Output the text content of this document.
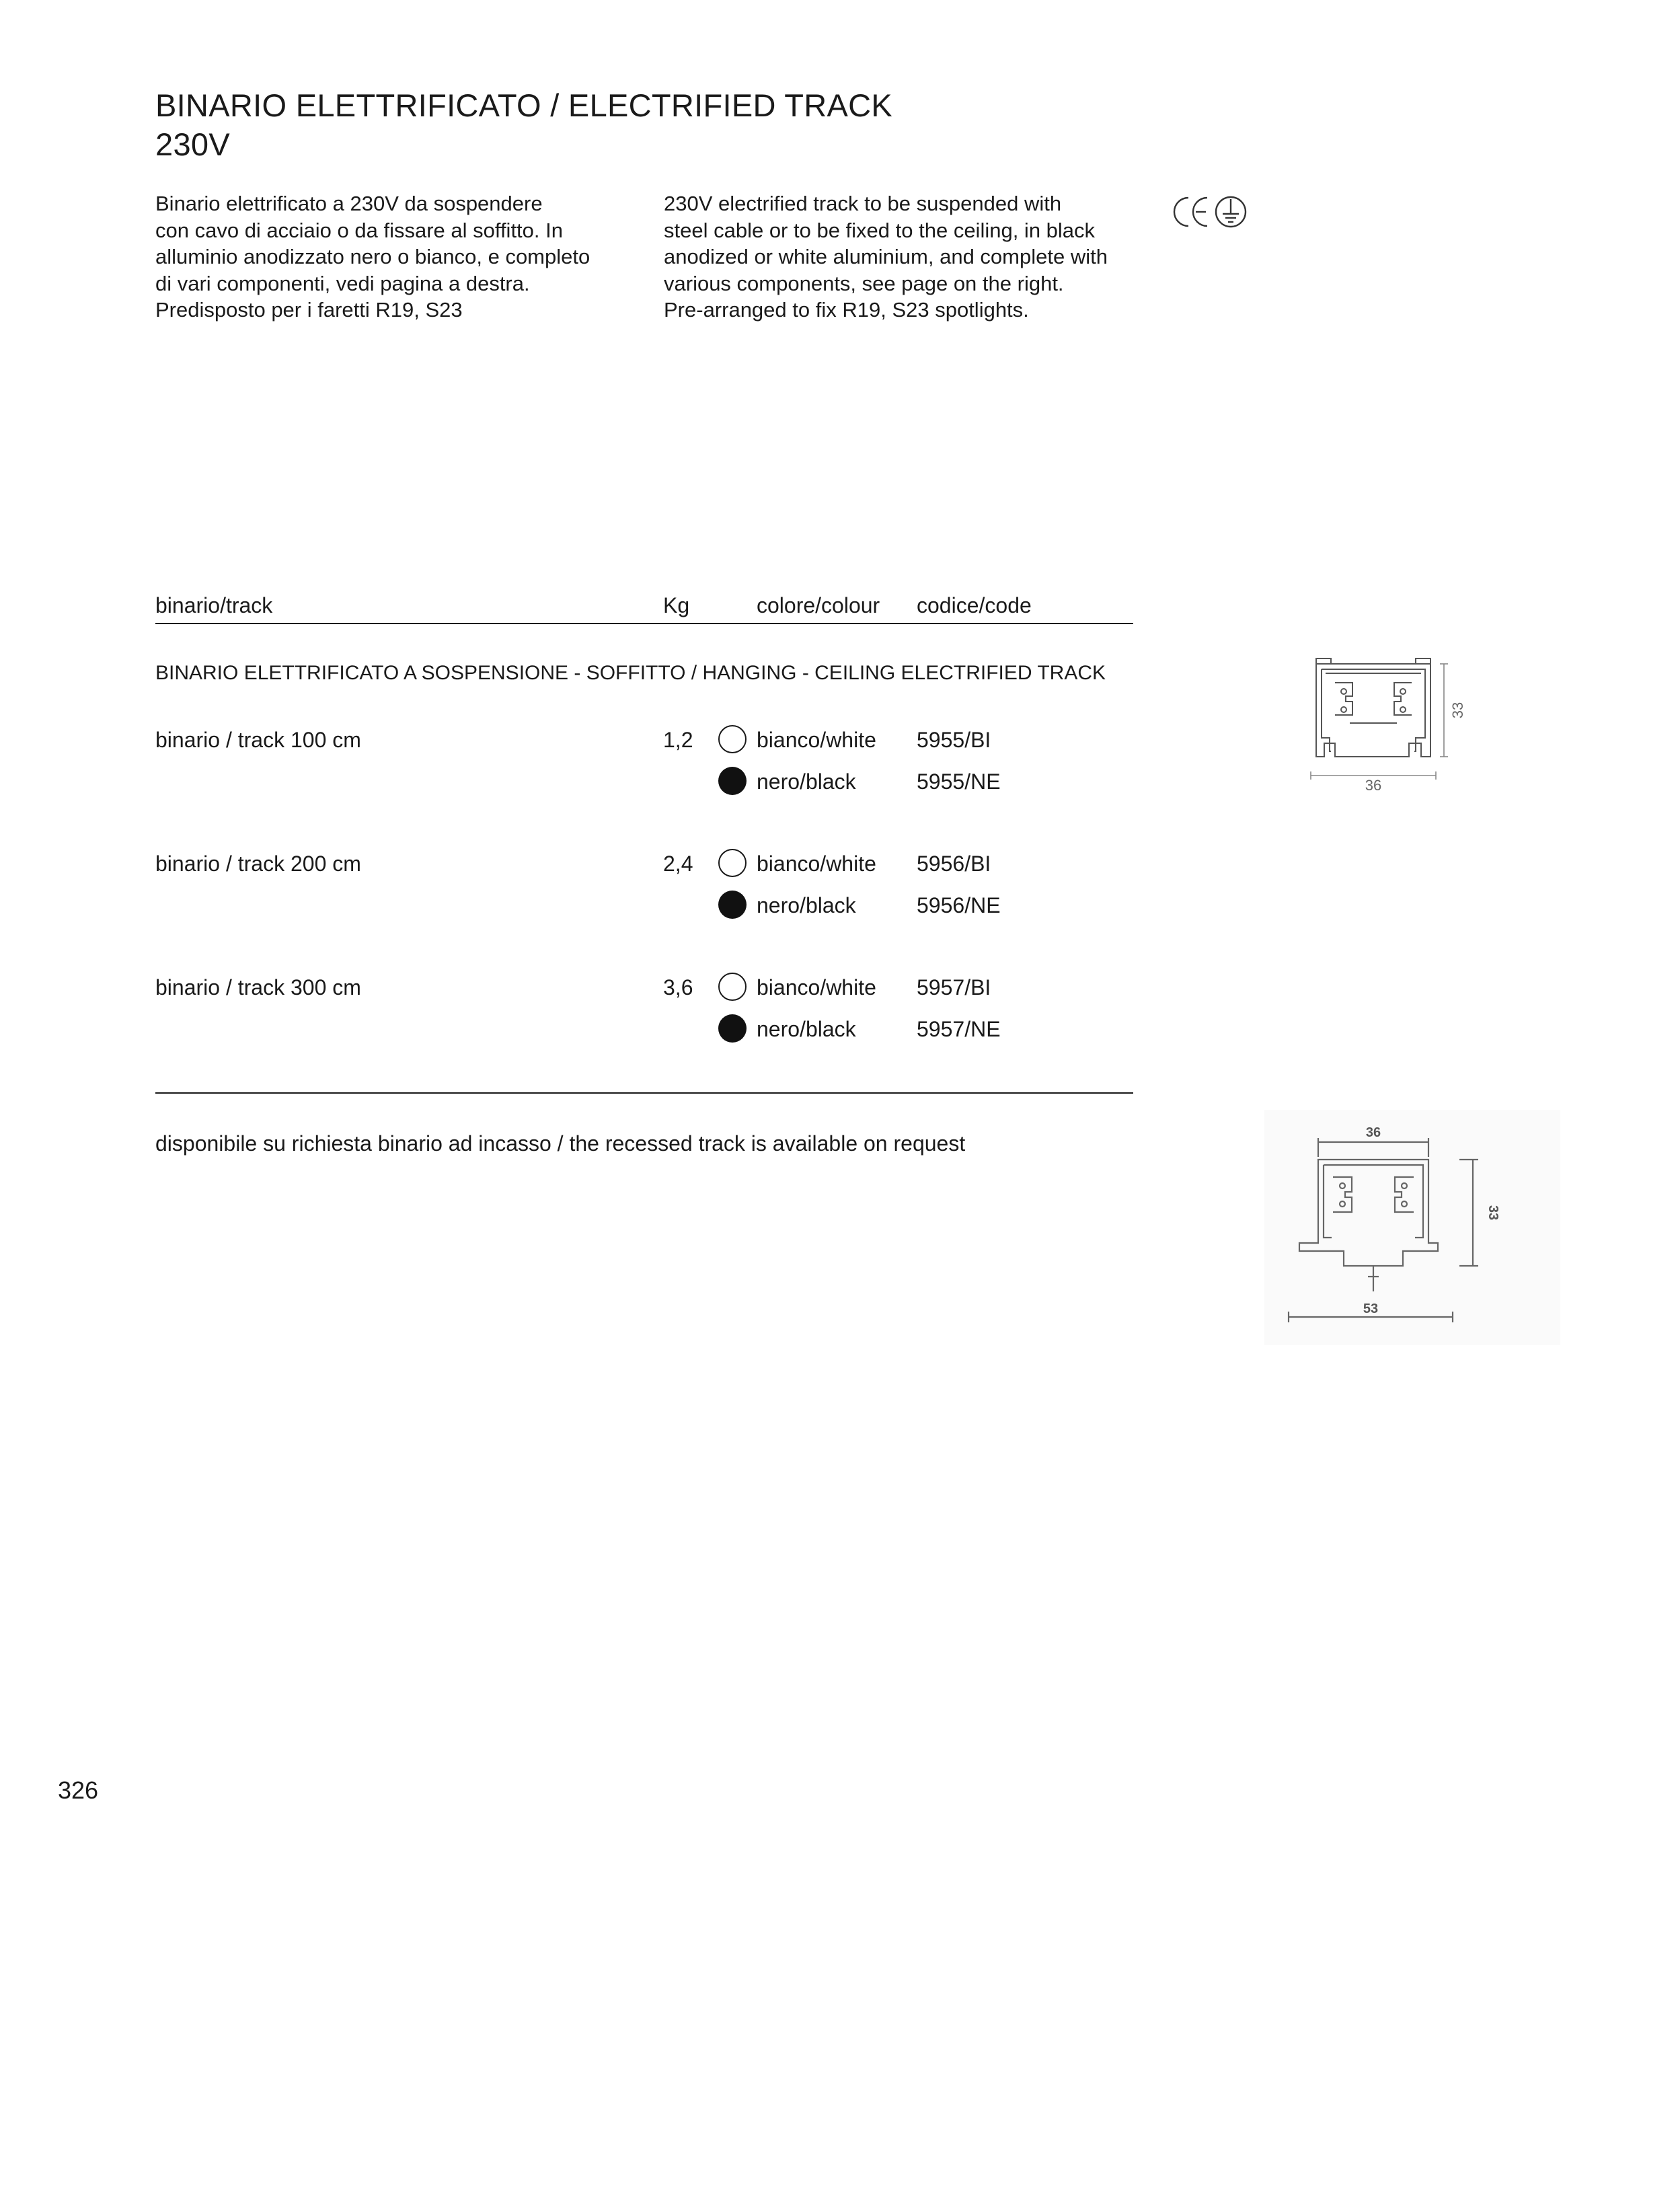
BINARIO ELETTRIFICATO / ELECTRIFIED TRACK
230V
Binario elettrificato a 230V da sospendere
con cavo di acciaio o da fissare al soffitto. In
alluminio anodizzato nero o bianco, e completo
di vari componenti, vedi pagina a destra.
Predisposto per i faretti R19, S23
230V electrified track to be suspended with
steel cable or to be fixed to the ceiling, in black
anodized or white aluminium, and complete with
various components, see page on the right.
Pre-arranged to fix R19, S23 spotlights.
binario/track	Kg	colore/colour codice/code
BINARIO ELETTRIFICATO A SOSPENSIONE - SOFFITTO / HANGING - CEILING ELECTRIFIED TRACK
binario / track 100 cm	1,2	bianco/white 5955/BI
nero/black	5955/NE
binario / track 200 cm	2,4	bianco/white 5956/BI
nero/black	5956/NE
binario / track 300 cm	3,6	bianco/white 5957/BI
nero/black	5957/NE
disponibile su richiesta binario ad incasso / the recessed track is available on request
36
33
36
33
53
326
